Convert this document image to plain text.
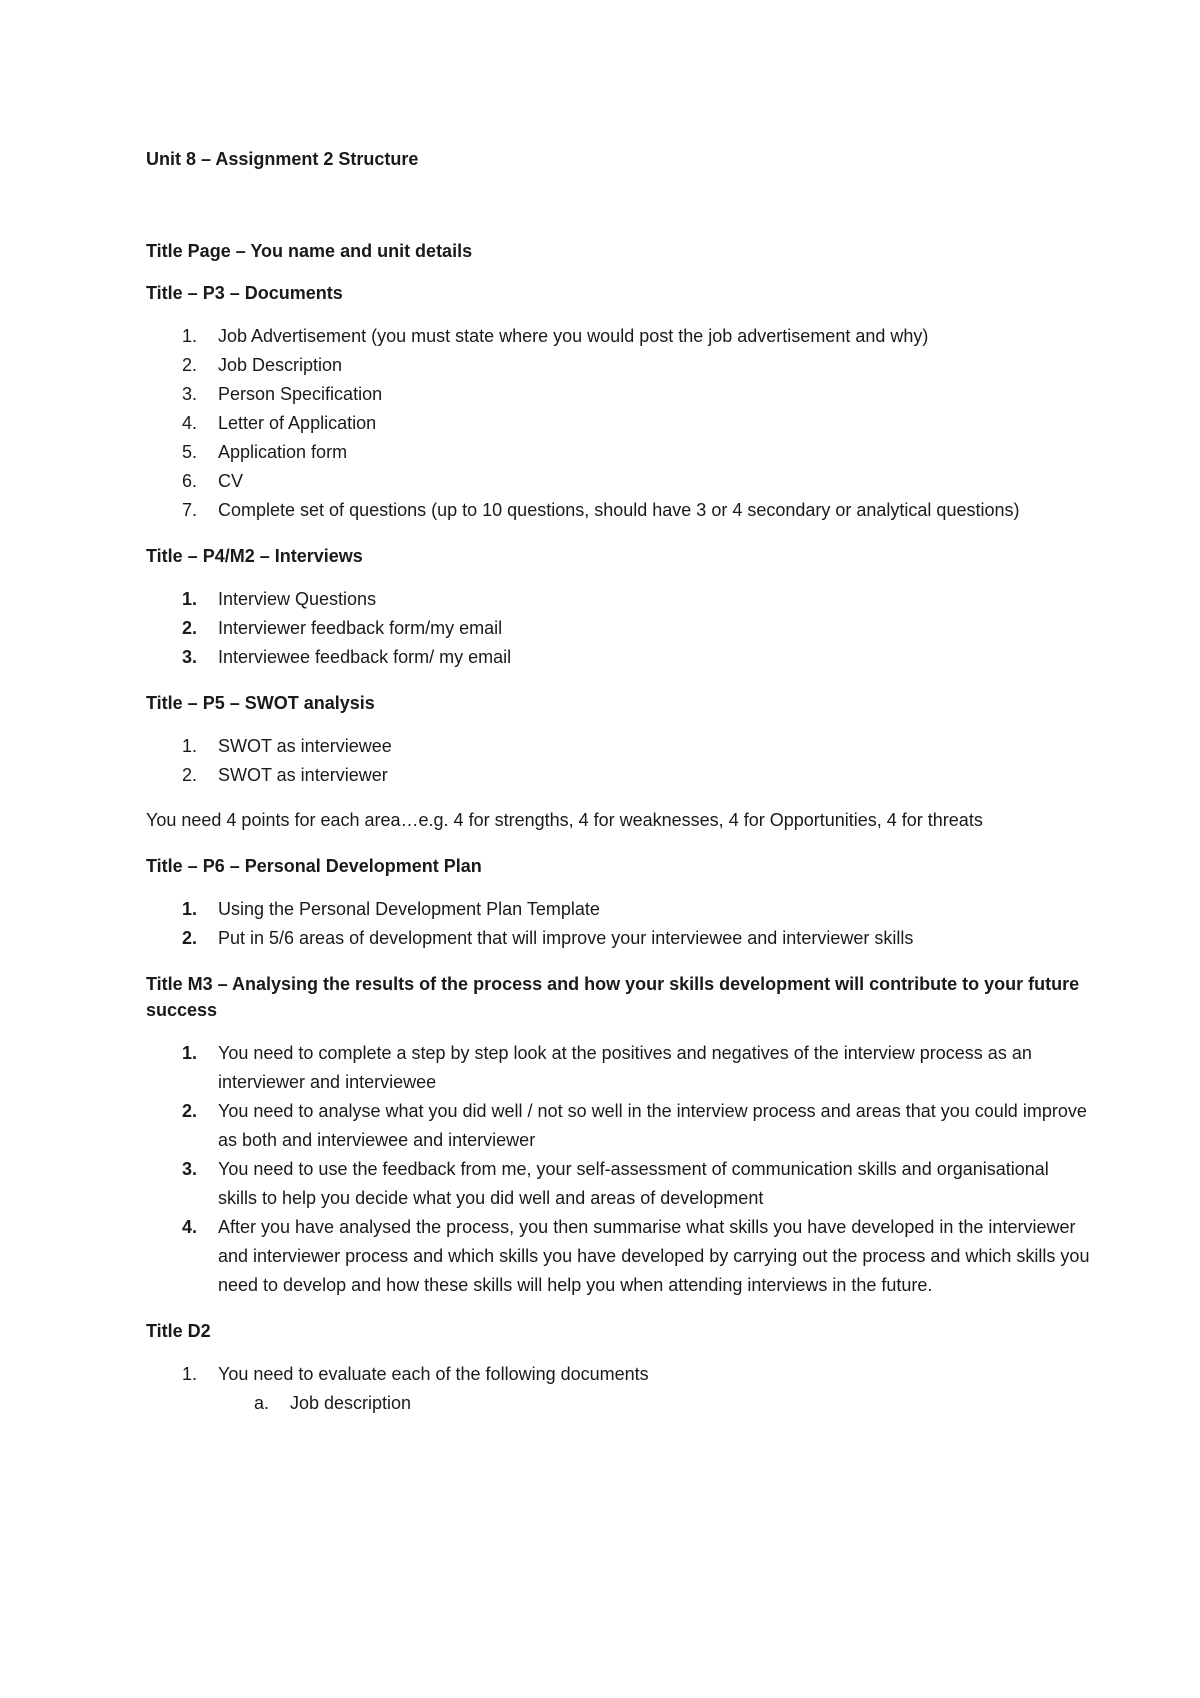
Unit 8 – Assignment 2 Structure

Title Page – You name and unit details

Title – P3 – Documents

1. Job Advertisement (you must state where you would post the job advertisement and why)
2. Job Description
3. Person Specification
4. Letter of Application
5. Application form
6. CV
7. Complete set of questions (up to 10 questions, should have 3 or 4 secondary or analytical questions)

Title – P4/M2 – Interviews

1. Interview Questions
2. Interviewer feedback form/my email
3. Interviewee feedback form/ my email

Title – P5 – SWOT analysis

1. SWOT as interviewee
2. SWOT as interviewer

You need 4 points for each area…e.g. 4 for strengths, 4 for weaknesses, 4 for Opportunities, 4 for threats

Title – P6 – Personal Development Plan

1. Using the Personal Development Plan Template
2. Put in 5/6 areas of development that will improve your interviewee and interviewer skills

Title M3 – Analysing the results of the process and how your skills development will contribute to your future success

1. You need to complete a step by step look at the positives and negatives of the interview process as an interviewer and interviewee
2. You need to analyse what you did well / not so well in the interview process and areas that you could improve as both and interviewee and interviewer
3. You need to use the feedback from me, your self-assessment of communication skills and organisational skills to help you decide what you did well and areas of development
4. After you have analysed the process, you then summarise what skills you have developed in the interviewer and interviewer process and which skills you have developed by carrying out the process and which skills you need to develop and how these skills will help you when attending interviews in the future.

Title D2

1. You need to evaluate each of the following documents
a. Job description
